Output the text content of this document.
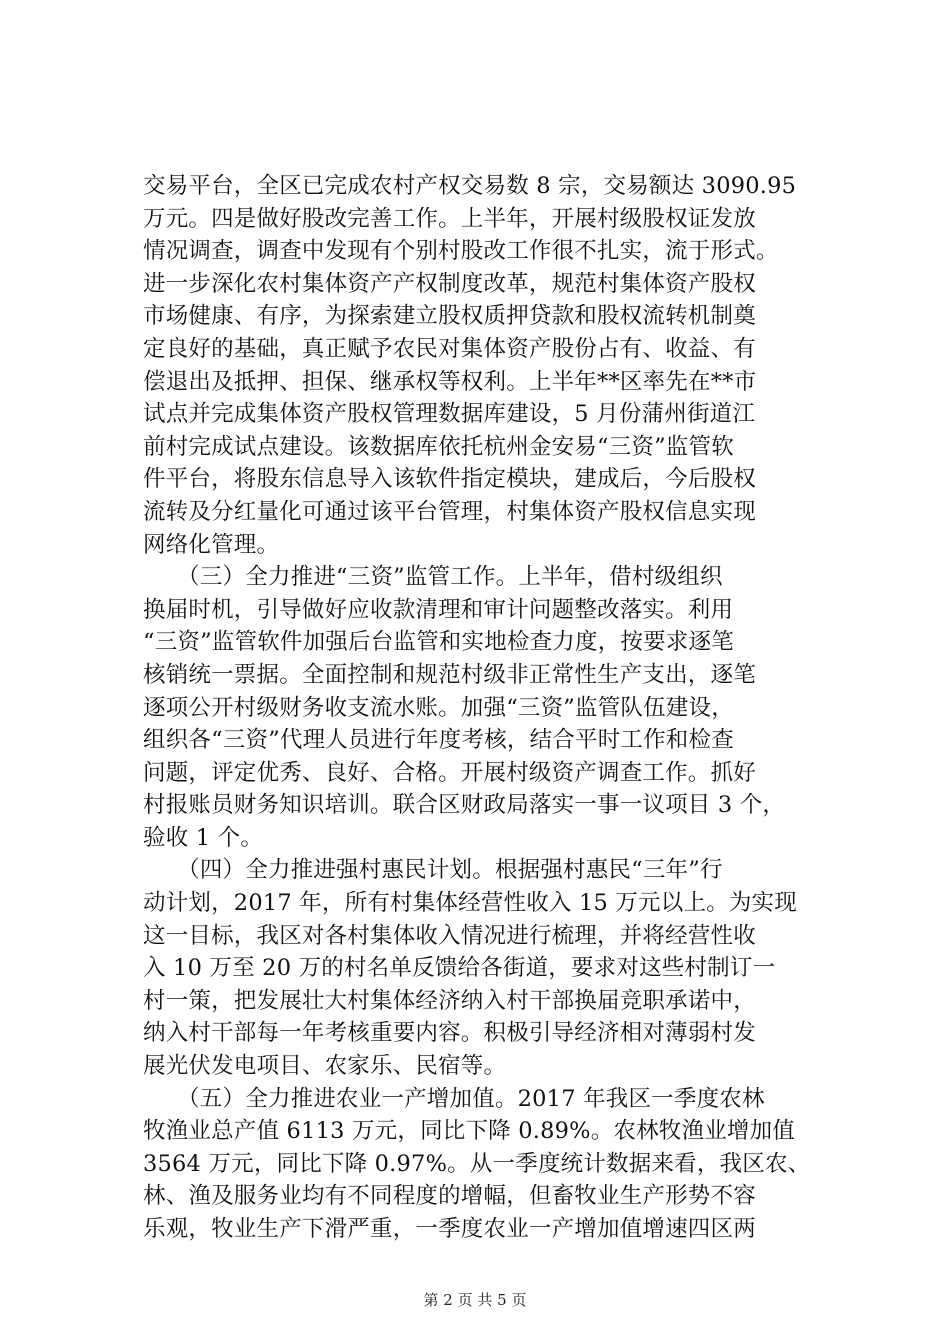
交易平台，全区已完成农村产权交易数 8 宗，交易额达 3090.95
万元。四是做好股改完善工作。上半年，开展村级股权证发放
情况调查，调查中发现有个别村股改工作很不扎实，流于形式。
进一步深化农村集体资产产权制度改革，规范村集体资产股权
市场健康、有序，为探索建立股权质押贷款和股权流转机制奠
定良好的基础，真正赋予农民对集体资产股份占有、收益、有
偿退出及抵押、担保、继承权等权利。上半年**区率先在**市
试点并完成集体资产股权管理数据库建设，5 月份蒲州街道江
前村完成试点建设。该数据库依托杭州金安易“三资”监管软
件平台，将股东信息导入该软件指定模块，建成后，今后股权
流转及分红量化可通过该平台管理，村集体资产股权信息实现
网络化管理。
　　（三）全力推进“三资”监管工作。上半年，借村级组织
换届时机，引导做好应收款清理和审计问题整改落实。利用
“三资”监管软件加强后台监管和实地检查力度，按要求逐笔
核销统一票据。全面控制和规范村级非正常性生产支出，逐笔
逐项公开村级财务收支流水账。加强“三资”监管队伍建设，
组织各“三资”代理人员进行年度考核，结合平时工作和检查
问题，评定优秀、良好、合格。开展村级资产调查工作。抓好
村报账员财务知识培训。联合区财政局落实一事一议项目 3 个，
验收 1 个。
　　（四）全力推进强村惠民计划。根据强村惠民“三年”行
动计划，2017 年，所有村集体经营性收入 15 万元以上。为实现
这一目标，我区对各村集体收入情况进行梳理，并将经营性收
入 10 万至 20 万的村名单反馈给各街道，要求对这些村制订一
村一策，把发展壮大村集体经济纳入村干部换届竞职承诺中，
纳入村干部每一年考核重要内容。积极引导经济相对薄弱村发
展光伏发电项目、农家乐、民宿等。
　　（五）全力推进农业一产增加值。2017 年我区一季度农林
牧渔业总产值 6113 万元，同比下降 0.89%。农林牧渔业增加值
3564 万元，同比下降 0.97%。从一季度统计数据来看，我区农、
林、渔及服务业均有不同程度的增幅，但畜牧业生产形势不容
乐观，牧业生产下滑严重，一季度农业一产增加值增速四区两
第 2 页 共 5 页
